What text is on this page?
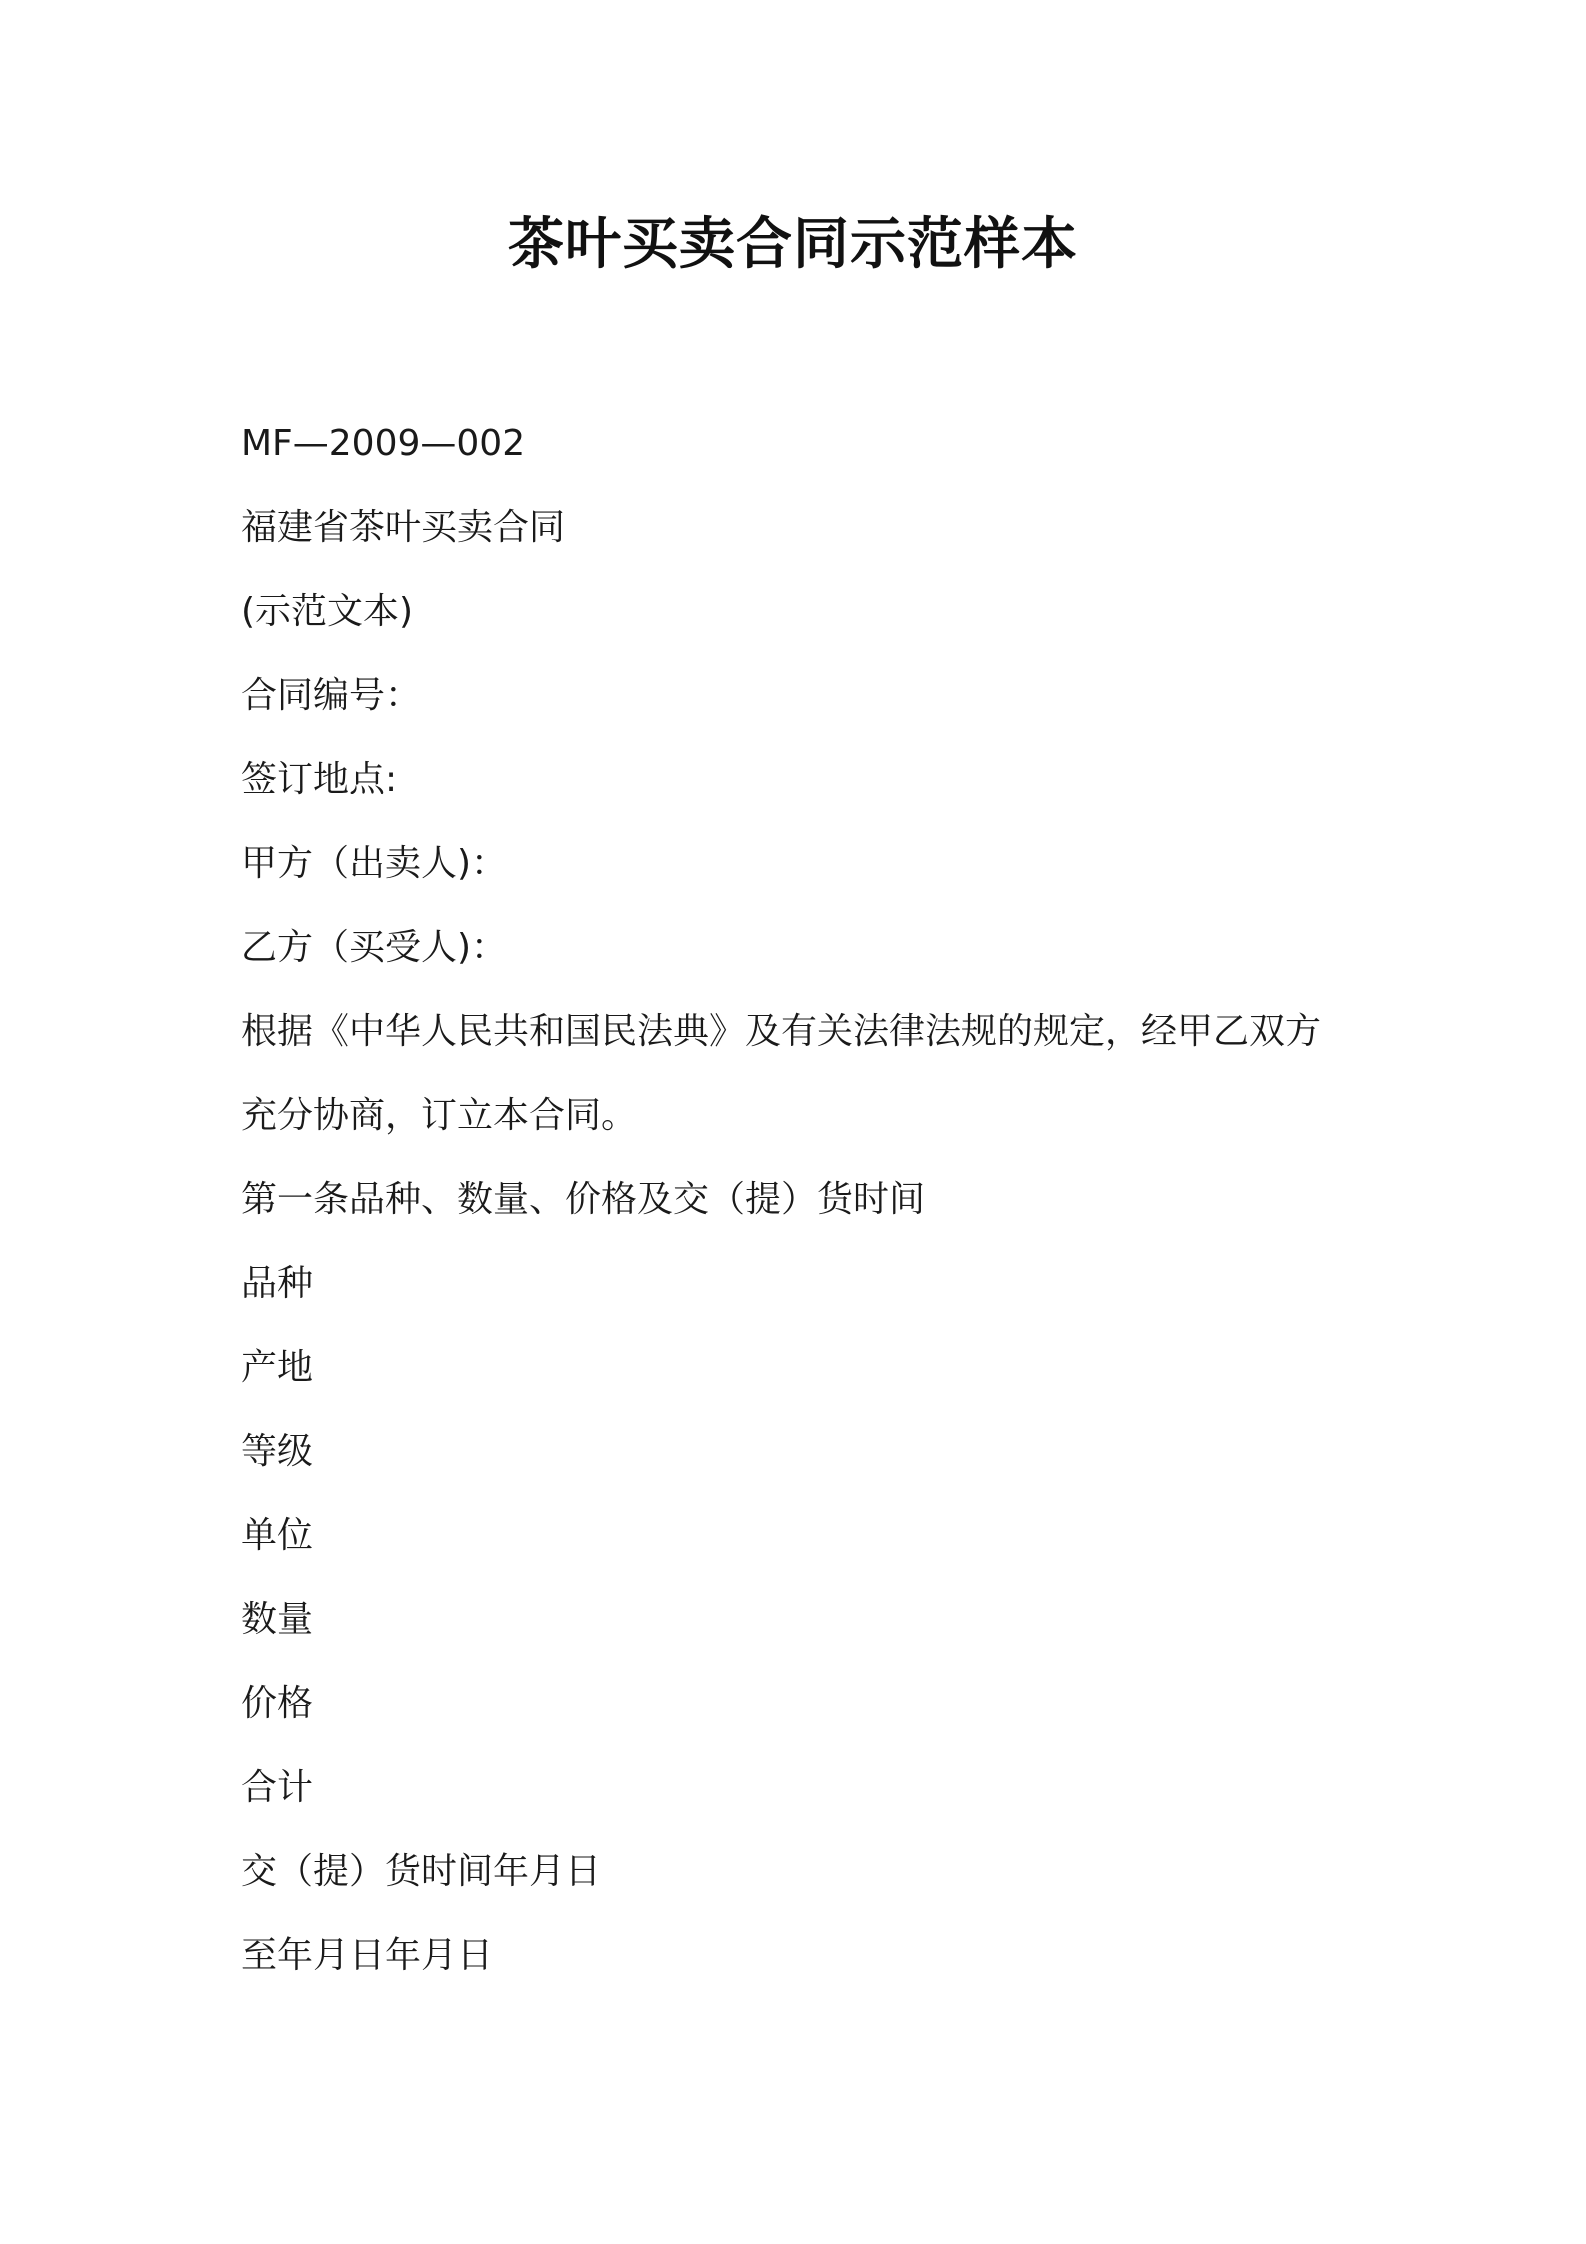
茶叶买卖合同示范样本
MF—2009—002
福建省茶叶买卖合同
(示范文本)
合同编号：
签订地点:
甲方（出卖人)：
乙方（买受人)：
根据《中华人民共和国民法典》及有关法律法规的规定，经甲乙双方
充分协商，订立本合同。
第一条品种、数量、价格及交（提）货时间
品种
产地
等级
单位
数量
价格
合计
交（提）货时间年月日
至年月日年月日
